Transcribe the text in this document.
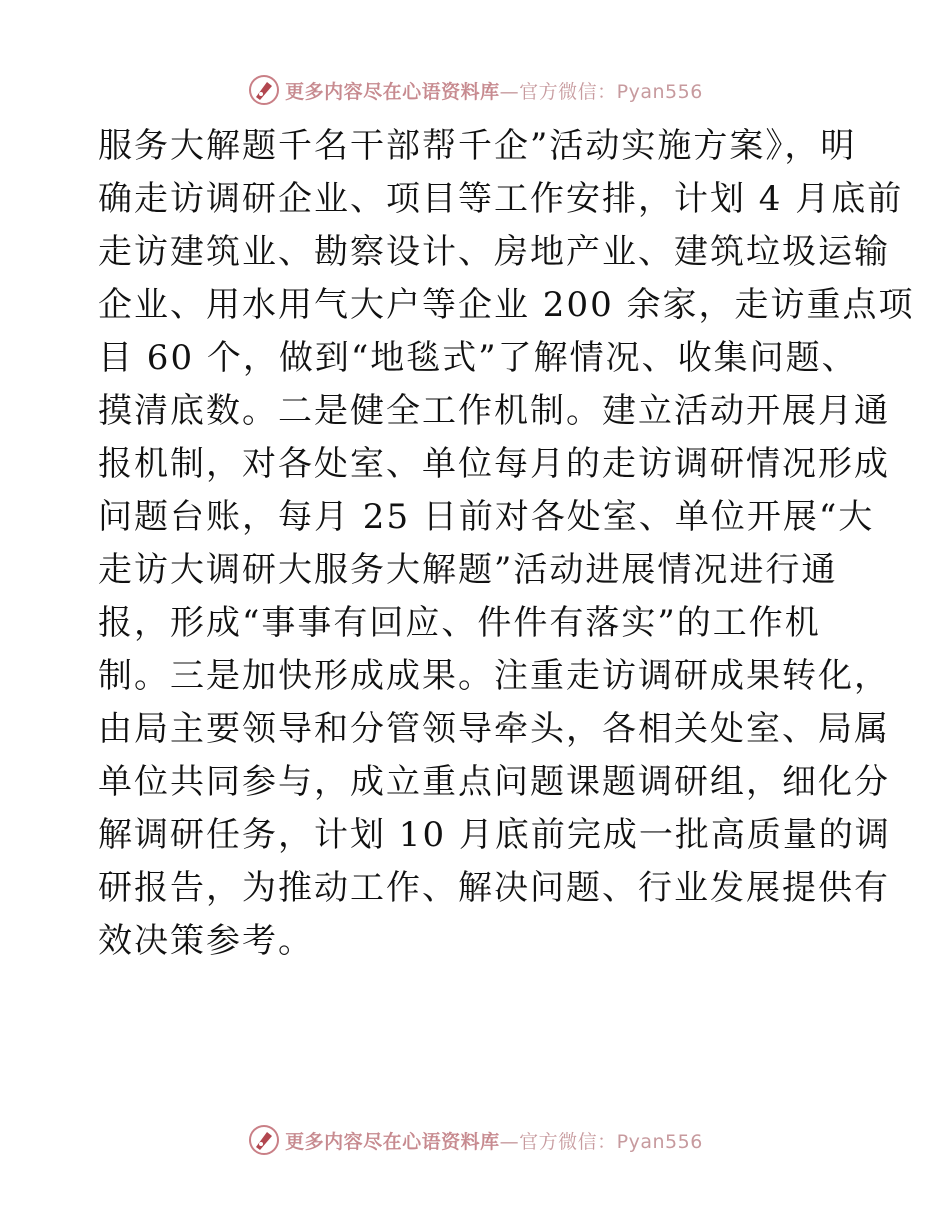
更多内容尽在心语资料库—官方微信：Pyan556
服务大解题千名干部帮千企”活动实施方案》，明
确走访调研企业、项目等工作安排，计划 4 月底前
走访建筑业、勘察设计、房地产业、建筑垃圾运输
企业、用水用气大户等企业 200 余家，走访重点项
目 60 个，做到“地毯式”了解情况、收集问题、
摸清底数。二是健全工作机制。建立活动开展月通
报机制，对各处室、单位每月的走访调研情况形成
问题台账，每月 25 日前对各处室、单位开展“大
走访大调研大服务大解题”活动进展情况进行通
报，形成“事事有回应、件件有落实”的工作机
制。三是加快形成成果。注重走访调研成果转化，
由局主要领导和分管领导牵头，各相关处室、局属
单位共同参与，成立重点问题课题调研组，细化分
解调研任务，计划 10 月底前完成一批高质量的调
研报告，为推动工作、解决问题、行业发展提供有
效决策参考。
更多内容尽在心语资料库—官方微信：Pyan556
